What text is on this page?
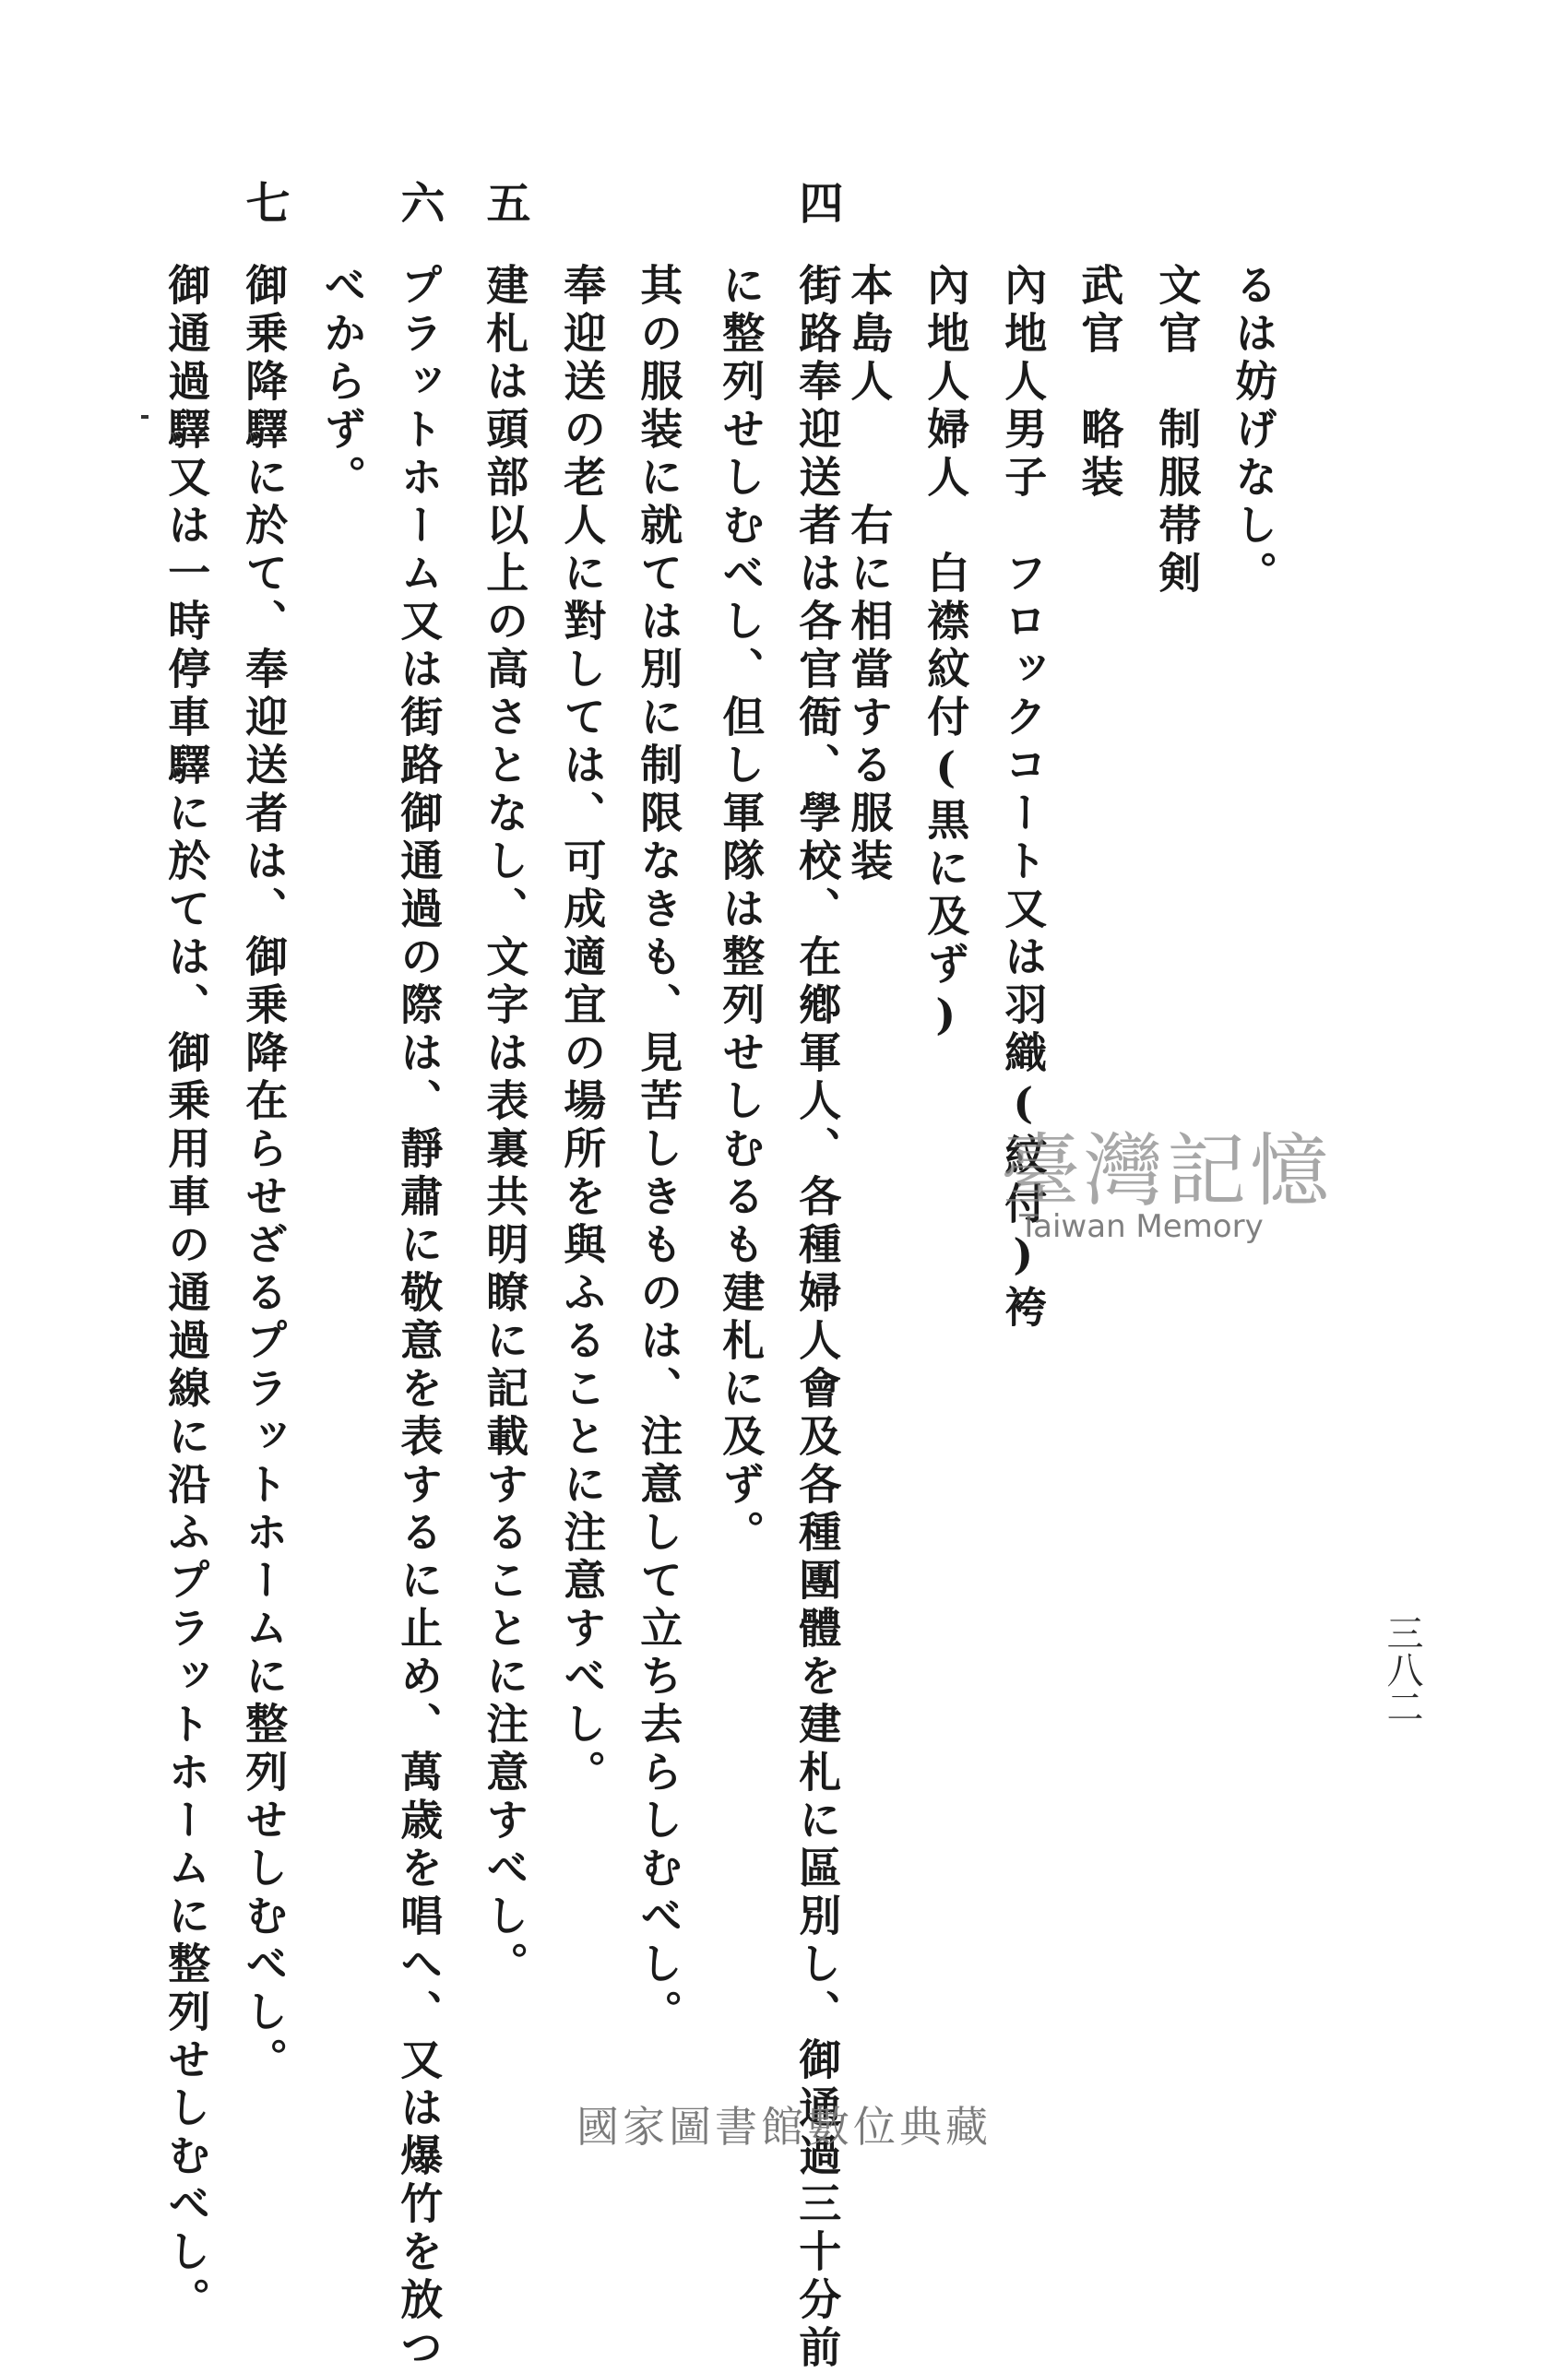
三八二
四
五
六
七
るは妨げなし。
文官　制服帯剣
武官　略装
內地人男子　フロックコート又は羽織(紋付)袴
內地人婦人　白襟紋付(黒に及ず)
本島人　　右に相當する服装
街路奉迎送者は各官衙、學校、在鄕軍人、各種婦人會及各種團體を建札に區別し、御通過三十分前
に整列せしむべし、但し軍隊は整列せしむるも建札に及ず。
其の服装に就ては別に制限なきも、見苦しきものは、注意して立ち去らしむべし。
奉迎送の老人に對しては、可成適宜の場所を與ふることに注意すべし。
建札は頭部以上の高さとなし、文字は表裏共明瞭に記載することに注意すべし。
プラットホーム又は街路御通過の際は、靜肅に敬意を表するに止め、萬歳を唱へ、又は爆竹を放つ
べからず。
御乗降驛に於て、奉迎送者は、御乗降在らせざるプラットホームに整列せしむべし。
御通過驛又は一時停車驛に於ては、御乗用車の通過線に沿ふプラットホームに整列せしむべし。	臺灣記憶
Taiwan Memory
國家圖書館數位典藏
